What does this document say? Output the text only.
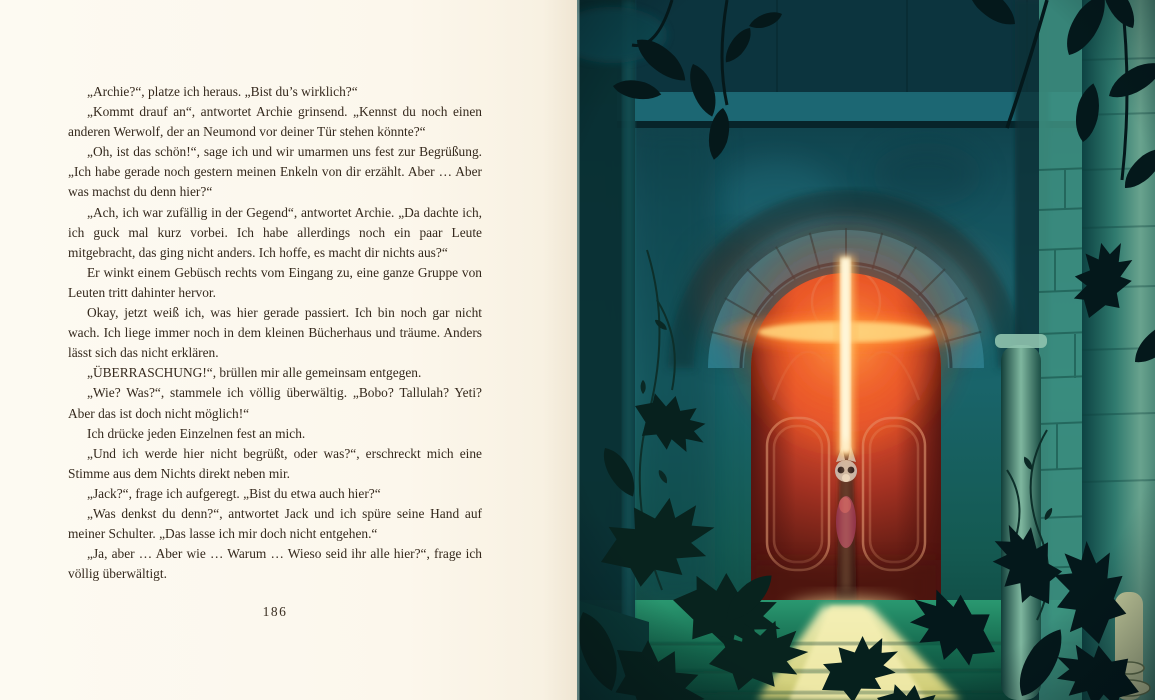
„Archie?“, platze ich heraus. „Bist du’s wirklich?“

„Kommt drauf an“, antwortet Archie grinsend. „Kennst du noch einen anderen Werwolf, der an Neumond vor deiner Tür stehen könnte?“

„Oh, ist das schön!“, sage ich und wir umarmen uns fest zur Begrüßung. „Ich habe gerade noch gestern meinen Enkeln von dir erzählt. Aber … Aber was machst du denn hier?“

„Ach, ich war zufällig in der Gegend“, antwortet Archie. „Da dachte ich, ich guck mal kurz vorbei. Ich habe allerdings noch ein paar Leute mitgebracht, das ging nicht anders. Ich hoffe, es macht dir nichts aus?“

Er winkt einem Gebüsch rechts vom Eingang zu, eine ganze Gruppe von Leuten tritt dahinter hervor.

Okay, jetzt weiß ich, was hier gerade passiert. Ich bin noch gar nicht wach. Ich liege immer noch in dem kleinen Bücherhaus und träume. Anders lässt sich das nicht erklären.

„ÜBERRASCHUNG!“, brüllen mir alle gemeinsam entgegen.

„Wie? Was?“, stammele ich völlig überwältig. „Bobo? Tallulah? Yeti? Aber das ist doch nicht möglich!“

Ich drücke jeden Einzelnen fest an mich.

„Und ich werde hier nicht begrüßt, oder was?“, erschreckt mich eine Stimme aus dem Nichts direkt neben mir.

„Jack?“, frage ich aufgeregt. „Bist du etwa auch hier?“

„Was denkst du denn?“, antwortet Jack und ich spüre seine Hand auf meiner Schulter. „Das lasse ich mir doch nicht entgehen.“

„Ja, aber … Aber wie … Warum … Wieso seid ihr alle hier?“, frage ich völlig überwältigt.

186
